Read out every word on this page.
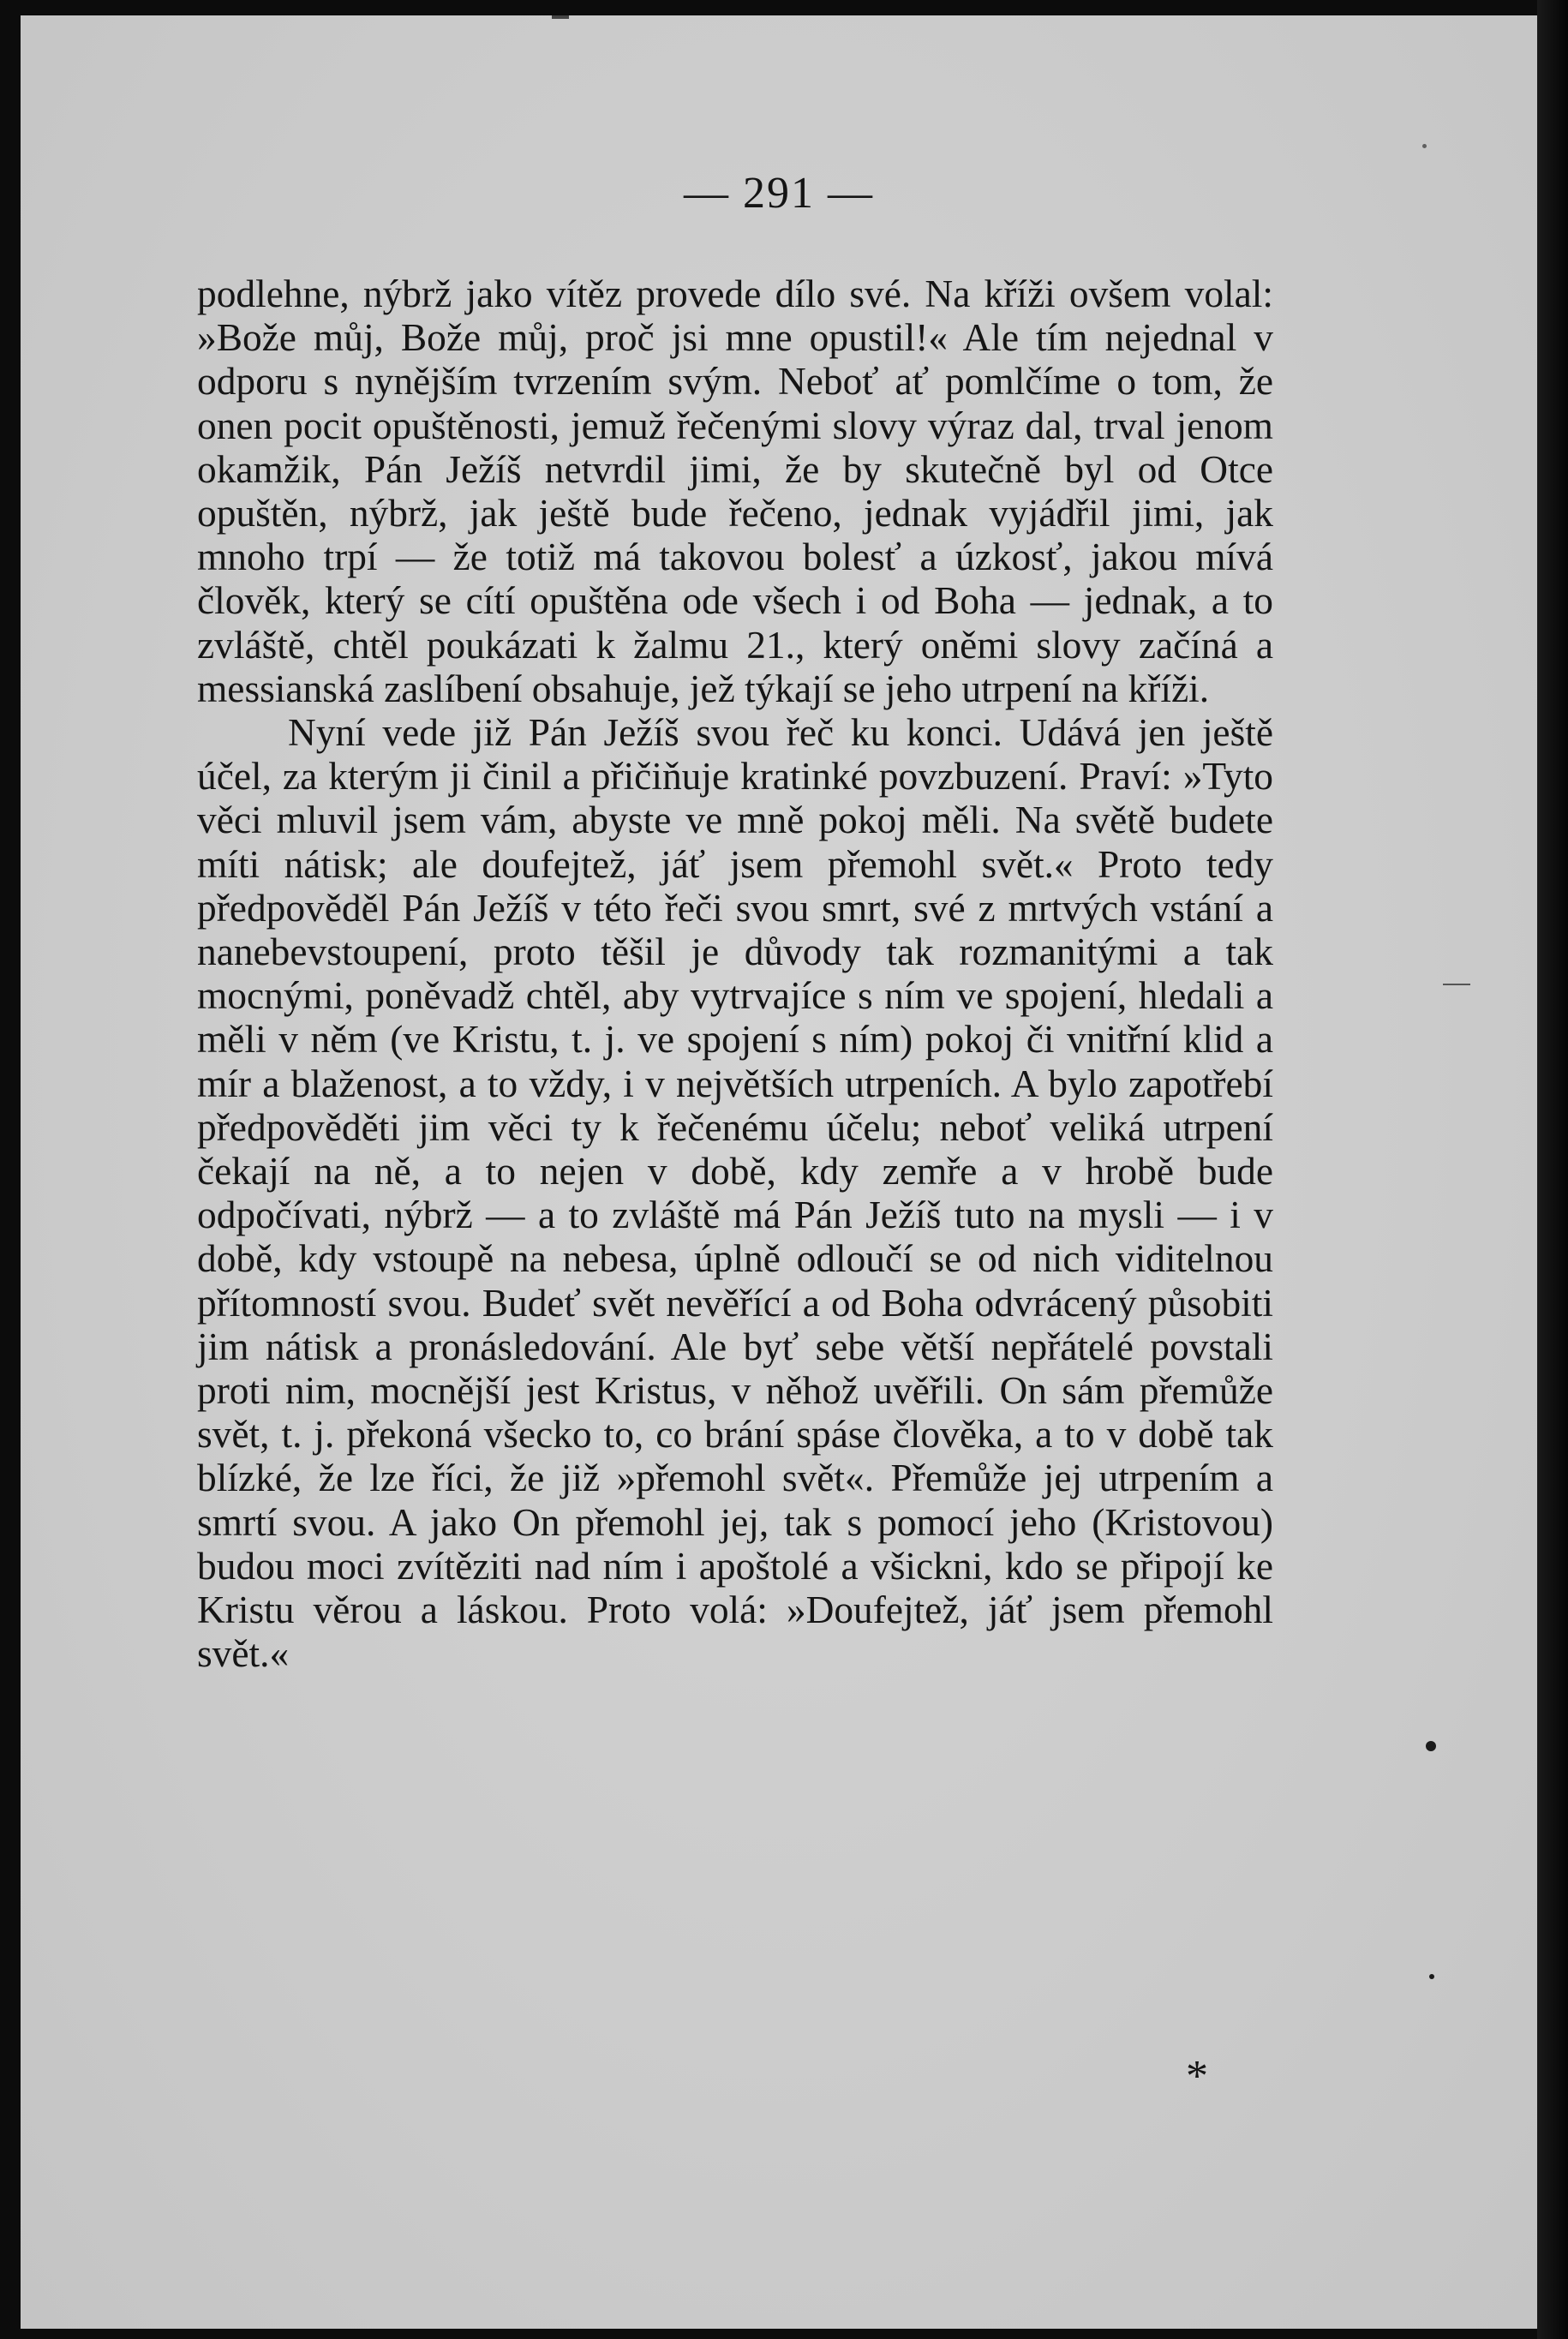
— 291 —

podlehne, nýbrž jako vítěz provede dílo své. Na kříži ovšem volal: »Bože můj, Bože můj, proč jsi mne opustil!« Ale tím nejednal v odporu s nynějším tvrzením svým. Neboť ať pomlčíme o tom, že onen pocit opuštěnosti, jemuž řečenými slovy výraz dal, trval jenom okamžik, Pán Ježíš netvrdil jimi, že by skutečně byl od Otce opuštěn, nýbrž, jak ještě bude řečeno, jednak vyjádřil jimi, jak mnoho trpí — že totiž má takovou bolesť a úzkosť, jakou mívá člověk, který se cítí opuštěna ode všech i od Boha — jednak, a to zvláště, chtěl poukázati k žalmu 21., který oněmi slovy začíná a messianská zaslíbení obsahuje, jež týkají se jeho utrpení na kříži.

Nyní vede již Pán Ježíš svou řeč ku konci. Udává jen ještě účel, za kterým ji činil a přičiňuje kratinké povzbuzení. Praví: »Tyto věci mluvil jsem vám, abyste ve mně pokoj měli. Na světě budete míti nátisk; ale doufejtež, jáť jsem přemohl svět.« Proto tedy předpověděl Pán Ježíš v této řeči svou smrt, své z mrtvých vstání a nanebevstoupení, proto těšil je důvody tak rozmanitými a tak mocnými, poněvadž chtěl, aby vytrvajíce s ním ve spojení, hledali a měli v něm (ve Kristu, t. j. ve spojení s ním) pokoj či vnitřní klid a mír a blaženost, a to vždy, i v největších utrpeních. A bylo zapotřebí předpověděti jim věci ty k řečenému účelu; neboť veliká utrpení čekají na ně, a to nejen v době, kdy zemře a v hrobě bude odpočívati, nýbrž — a to zvláště má Pán Ježíš tuto na mysli — i v době, kdy vstoupě na nebesa, úplně odloučí se od nich viditelnou přítomností svou. Budeť svět nevěřící a od Boha odvrácený působiti jim nátisk a pronásledování. Ale byť sebe větší nepřátelé povstali proti nim, mocnější jest Kristus, v něhož uvěřili. On sám přemůže svět, t. j. překoná všecko to, co brání spáse člověka, a to v době tak blízké, že lze říci, že již »přemohl svět«. Přemůže jej utrpením a smrtí svou. A jako On přemohl jej, tak s pomocí jeho (Kristovou) budou moci zvítěziti nad ním i apoštolé a všickni, kdo se připojí ke Kristu věrou a láskou. Proto volá: »Doufejtež, jáť jsem přemohl svět.«

*
